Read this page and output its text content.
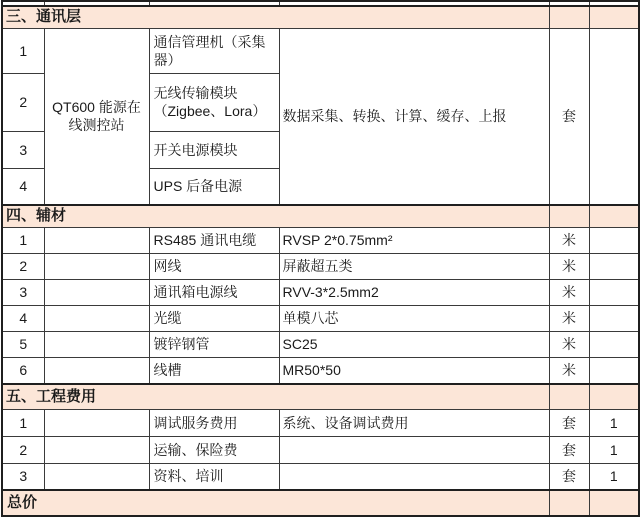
三、通讯层					
1	QT600 能源在线测控站	通信管理机（采集器）	数据采集、转换、计算、缓存、上报	套	
2		无线传输模块（Zigbee、Lora）			
3		开关电源模块			
4		UPS 后备电源			
四、辅材					
1		RS485 通讯电缆	RVSP 2*0.75mm²	米	
2		网线	屏蔽超五类	米	
3		通讯箱电源线	RVV-3*2.5mm2	米	
4		光缆	单模八芯	米	
5		镀锌钢管	SC25	米	
6		线槽	MR50*50	米	
五、工程费用					
1		调试服务费用	系统、设备调试费用	套	1
2		运输、保险费		套	1
3		资料、培训		套	1
总价					
